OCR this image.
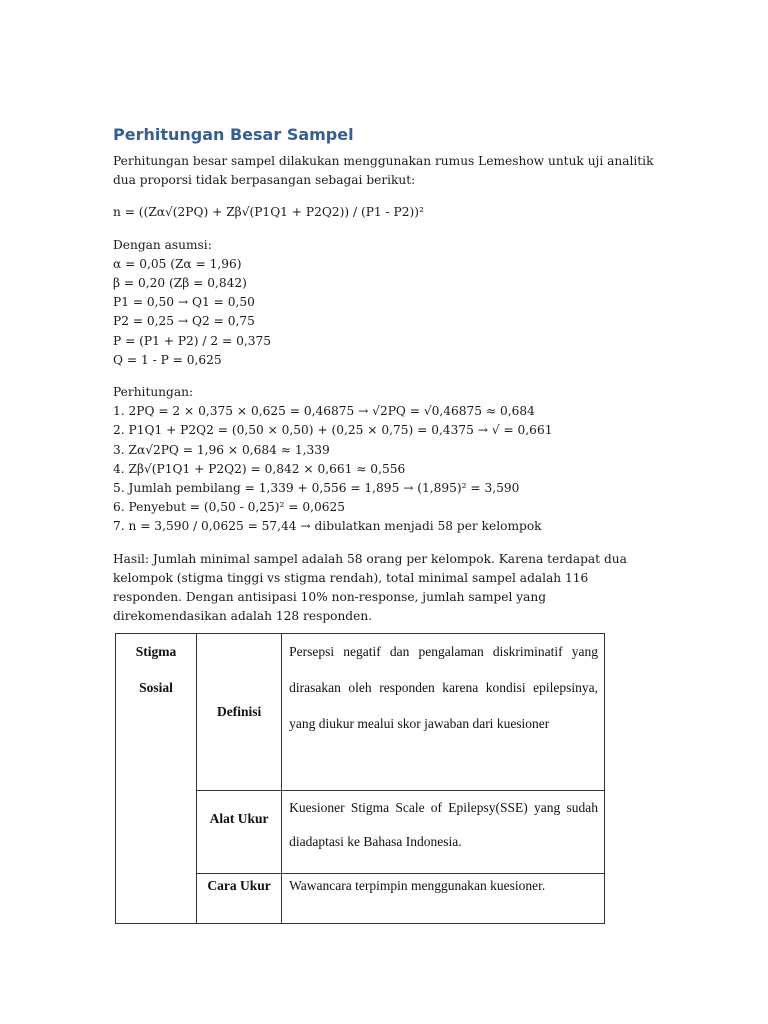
Perhitungan Besar Sampel

Perhitungan besar sampel dilakukan menggunakan rumus Lemeshow untuk uji analitik dua proporsi tidak berpasangan sebagai berikut:

n = ((Zα√(2PQ) + Zβ√(P1Q1 + P2Q2)) / (P1 - P2))²
Dengan asumsi:
α = 0,05 (Zα = 1,96)
β = 0,20 (Zβ = 0,842)
P1 = 0,50 → Q1 = 0,50
P2 = 0,25 → Q2 = 0,75
P = (P1 + P2) / 2 = 0,375
Q = 1 - P = 0,625
Perhitungan:
1. 2PQ = 2 × 0,375 × 0,625 = 0,46875 → √2PQ = √0,46875 ≈ 0,684
2. P1Q1 + P2Q2 = (0,50 × 0,50) + (0,25 × 0,75) = 0,4375 → √ = 0,661
3. Zα√2PQ = 1,96 × 0,684 ≈ 1,339
4. Zβ√(P1Q1 + P2Q2) = 0,842 × 0,661 ≈ 0,556
5. Jumlah pembilang = 1,339 + 0,556 = 1,895 → (1,895)² = 3,590
6. Penyebut = (0,50 - 0,25)² = 0,0625
7. n = 3,590 / 0,0625 = 57,44 → dibulatkan menjadi 58 per kelompok

Hasil: Jumlah minimal sampel adalah 58 orang per kelompok. Karena terdapat dua kelompok (stigma tinggi vs stigma rendah), total minimal sampel adalah 116 responden. Dengan antisipasi 10% non-response, jumlah sampel yang direkomendasikan adalah 128 responden.

Stigma
Sosial	Definisi	Persepsi negatif dan pengalaman diskriminatif yang dirasakan oleh responden karena kondisi epilepsinya, yang diukur mealui skor jawaban dari kuesioner
	Alat Ukur	Kuesioner Stigma Scale of Epilepsy(SSE) yang sudah diadaptasi ke Bahasa Indonesia.
	Cara Ukur	Wawancara terpimpin menggunakan kuesioner.
